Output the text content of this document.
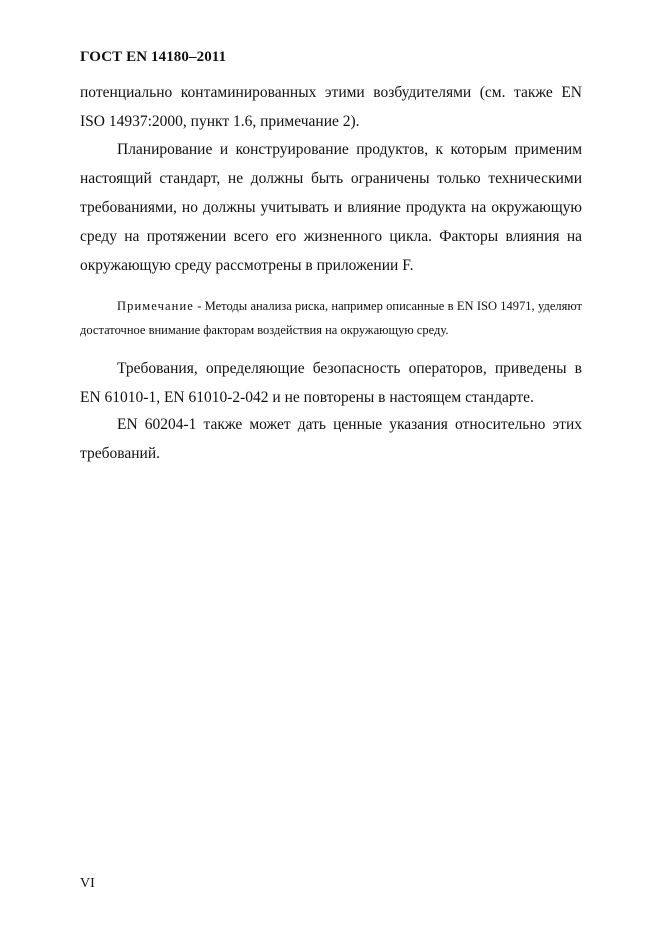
ГОСТ EN 14180–2011

потенциально контаминированных этими возбудителями (см. также EN ISO 14937:2000, пункт 1.6, примечание 2).

Планирование и конструирование продуктов, к которым применим настоящий стандарт, не должны быть ограничены только техническими требованиями, но должны учитывать и влияние продукта на окружающую среду на протяжении всего его жизненного цикла. Факторы влияния на окружающую среду рассмотрены в приложении F.

Примечание - Методы анализа риска, например описанные в EN ISO 14971, уделяют достаточное внимание факторам воздействия на окружающую среду.

Требования, определяющие безопасность операторов, приведены в EN 61010-1, EN 61010-2-042 и не повторены в настоящем стандарте.

EN 60204-1 также может дать ценные указания относительно этих требований.

VI
